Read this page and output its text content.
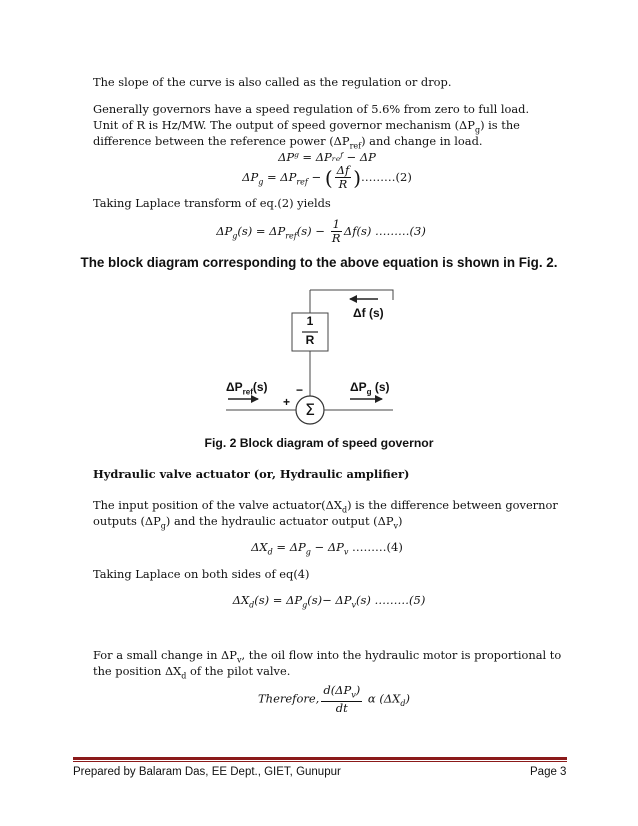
The slope of the curve is also called as the regulation or drop.
Generally governors have a speed regulation of 5.6% from zero to full load.
Unit of R is Hz/MW. The output of speed governor mechanism $(\Delta P_g)$ is the
difference between the reference power $(\Delta P_{ref})$ and change in load.
ΔPᵍ = ΔPᵣₑᶠ − ΔP
$\Delta P_g = \Delta P_{ref}$ − ( $\frac{\Delta f}{R}$ )………(2)
Taking Laplace transform of eq.(2) yields
$\Delta P_g(s) = \Delta P_{ref}(s) - \frac{1}{R} \Delta f(s)$ ………(3)
The block diagram corresponding to the above equation is shown in Fig. 2.
1
R
Δf (s)
$\Delta P_{ref}(s)$	$\Delta P_g$ (s)
−
+ Σ
Fig. 2 Block diagram of speed governor
Hydraulic valve actuator (or, Hydraulic amplifier)
The input position of the valve $actuator(\Delta X_d)$ is the difference between governor
outputs $(\Delta P_g)$ and the hydraulic actuator output $(\Delta P_v)$
$\Delta X_d = \Delta P_g - \Delta P_v$ ………(4)
Taking Laplace on both sides of eq(4)
$\Delta X_d(s) = \Delta P_g(s)- \Delta P_v(s)$ ………(5)
For a small change in $\Delta P_v$, the oil flow into the hydraulic motor is proportional to
the position $\Delta X_d$ of the pilot valve.
Therefore, $\frac{d(\Delta P_v)}{dt}$ α $(\Delta X_d)$
Prepared by Balaram Das, EE Dept., GIET, Gunupur	Page 3
